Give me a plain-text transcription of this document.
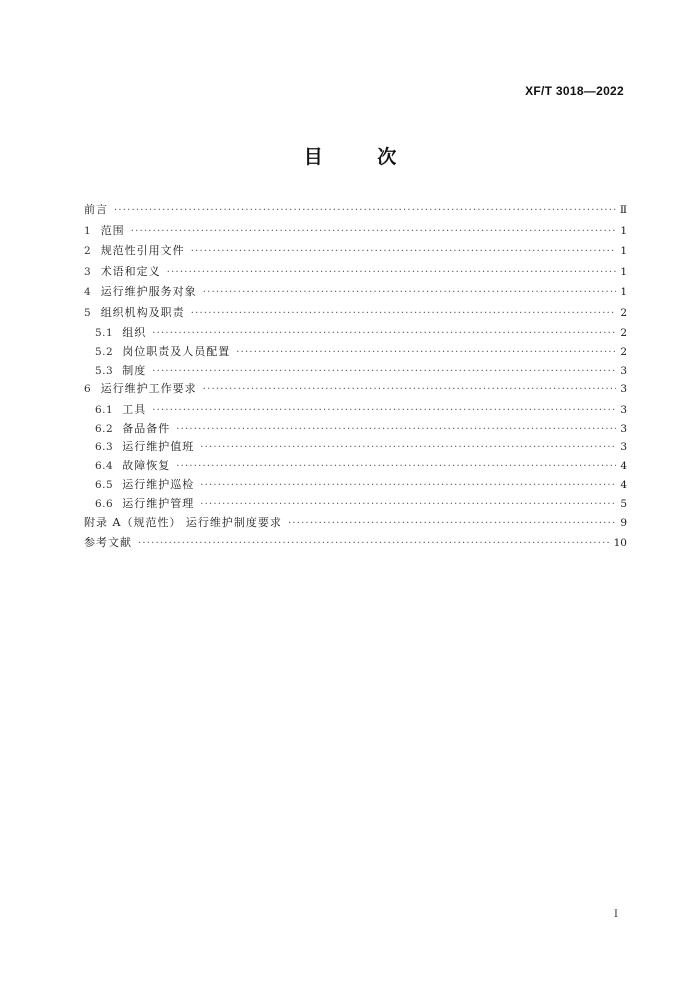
XF/T 3018—2022
目 次
前言 ·····	Ⅱ
1 范围 ·····	1
2 规范性引用文件 ·····	1
3 术语和定义 ·····	1
4 运行维护服务对象 ·····	1
5 组织机构及职责 ·····	2
5.1 组织 ·····	2
5.2 岗位职责及人员配置 ·····	2
5.3 制度 ·····	3
6 运行维护工作要求 ·····	3
6.1 工具 ·····	3
6.2 备品备件 ·····	3
6.3 运行维护值班 ·····	3
6.4 故障恢复 ·····	4
6.5 运行维护巡检 ·····	4
6.6 运行维护管理 ·····	5
附录 A（规范性） 运行维护制度要求 ·····	9
参考文献 ·····	10
Ⅰ
